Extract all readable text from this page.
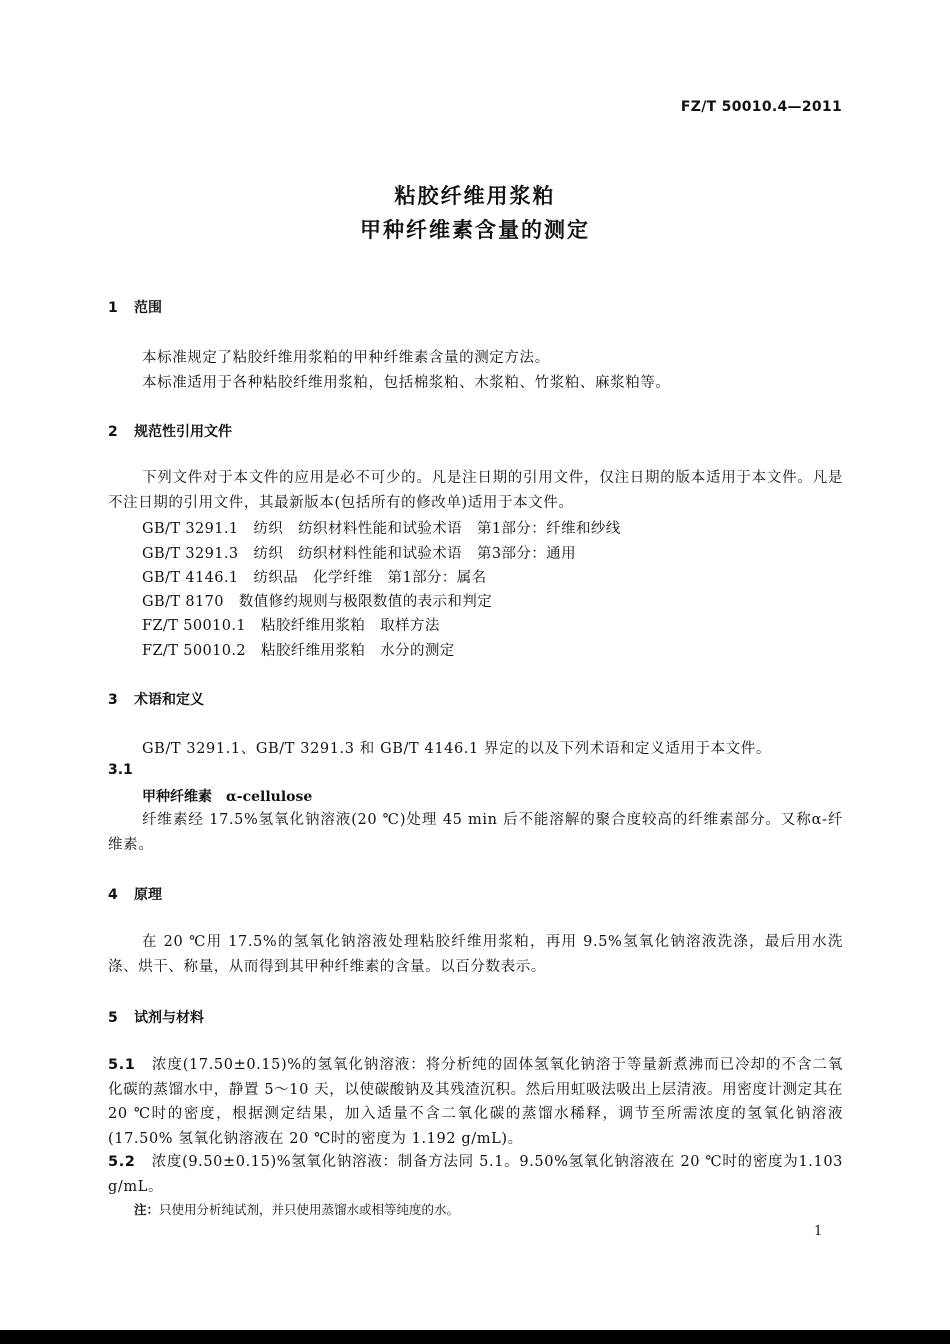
FZ/T 50010.4—2011
粘胶纤维用浆粕
甲种纤维素含量的测定
1 范围
本标准规定了粘胶纤维用浆粕的甲种纤维素含量的测定方法。
本标准适用于各种粘胶纤维用浆粕，包括棉浆粕、木浆粕、竹浆粕、麻浆粕等。
2 规范性引用文件
下列文件对于本文件的应用是必不可少的。凡是注日期的引用文件，仅注日期的版本适用于本文件。凡是不注日期的引用文件，其最新版本(包括所有的修改单)适用于本文件。
GB/T 3291.1　纺织　纺织材料性能和试验术语　第1部分：纤维和纱线
GB/T 3291.3　纺织　纺织材料性能和试验术语　第3部分：通用
GB/T 4146.1　纺织品　化学纤维　第1部分：属名
GB/T 8170　数值修约规则与极限数值的表示和判定
FZ/T 50010.1　粘胶纤维用浆粕　取样方法
FZ/T 50010.2　粘胶纤维用浆粕　水分的测定
3 术语和定义
GB/T 3291.1、GB/T 3291.3 和 GB/T 4146.1 界定的以及下列术语和定义适用于本文件。
3.1
甲种纤维素 α-cellulose
纤维素经 17.5%氢氧化钠溶液(20 ℃)处理 45 min 后不能溶解的聚合度较高的纤维素部分。又称α-纤维素。
4 原理
在 20 ℃用 17.5%的氢氧化钠溶液处理粘胶纤维用浆粕，再用 9.5%氢氧化钠溶液洗涤，最后用水洗涤、烘干、称量，从而得到其甲种纤维素的含量。以百分数表示。
5 试剂与材料
5.1 浓度(17.50±0.15)%的氢氧化钠溶液：将分析纯的固体氢氧化钠溶于等量新煮沸而已冷却的不含二氧化碳的蒸馏水中，静置 5～10 天，以使碳酸钠及其残渣沉积。然后用虹吸法吸出上层清液。用密度计测定其在 20 ℃时的密度，根据测定结果，加入适量不含二氧化碳的蒸馏水稀释，调节至所需浓度的氢氧化钠溶液(17.50% 氢氧化钠溶液在 20 ℃时的密度为 1.192 g/mL)。
5.2 浓度(9.50±0.15)%氢氧化钠溶液：制备方法同 5.1。9.50%氢氧化钠溶液在 20 ℃时的密度为1.103 g/mL。
注：只使用分析纯试剂，并只使用蒸馏水或相等纯度的水。
1
